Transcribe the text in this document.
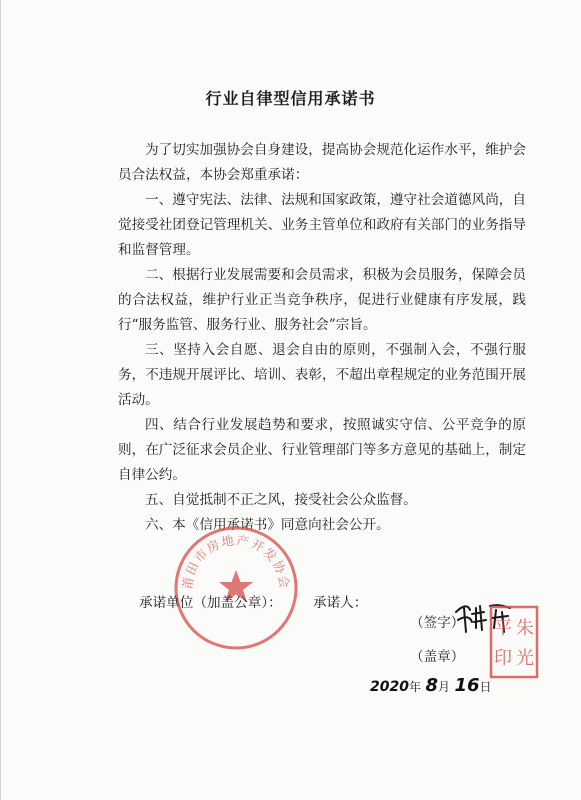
行业自律型信用承诺书

为了切实加强协会自身建设，提高协会规范化运作水平，维护会员合法权益，本协会郑重承诺：

一、遵守宪法、法律、法规和国家政策，遵守社会道德风尚，自觉接受社团登记管理机关、业务主管单位和政府有关部门的业务指导和监督管理。

二、根据行业发展需要和会员需求，积极为会员服务，保障会员的合法权益，维护行业正当竞争秩序，促进行业健康有序发展，践行“服务监管、服务行业、服务社会”宗旨。

三、坚持入会自愿、退会自由的原则，不强制入会，不强行服务，不违规开展评比、培训、表彰，不超出章程规定的业务范围开展活动。

四、结合行业发展趋势和要求，按照诚实守信、公平竞争的原则，在广泛征求会员企业、行业管理部门等多方意见的基础上，制定自律公约。

五、自觉抵制不正之风，接受社会公众监督。

六、本《信用承诺书》同意向社会公开。

莆田市房地产开发协会
承诺单位（加盖公章）： 承诺人：
（签字）
（盖章）
平 朱
印 光
2020年 8月 16日
